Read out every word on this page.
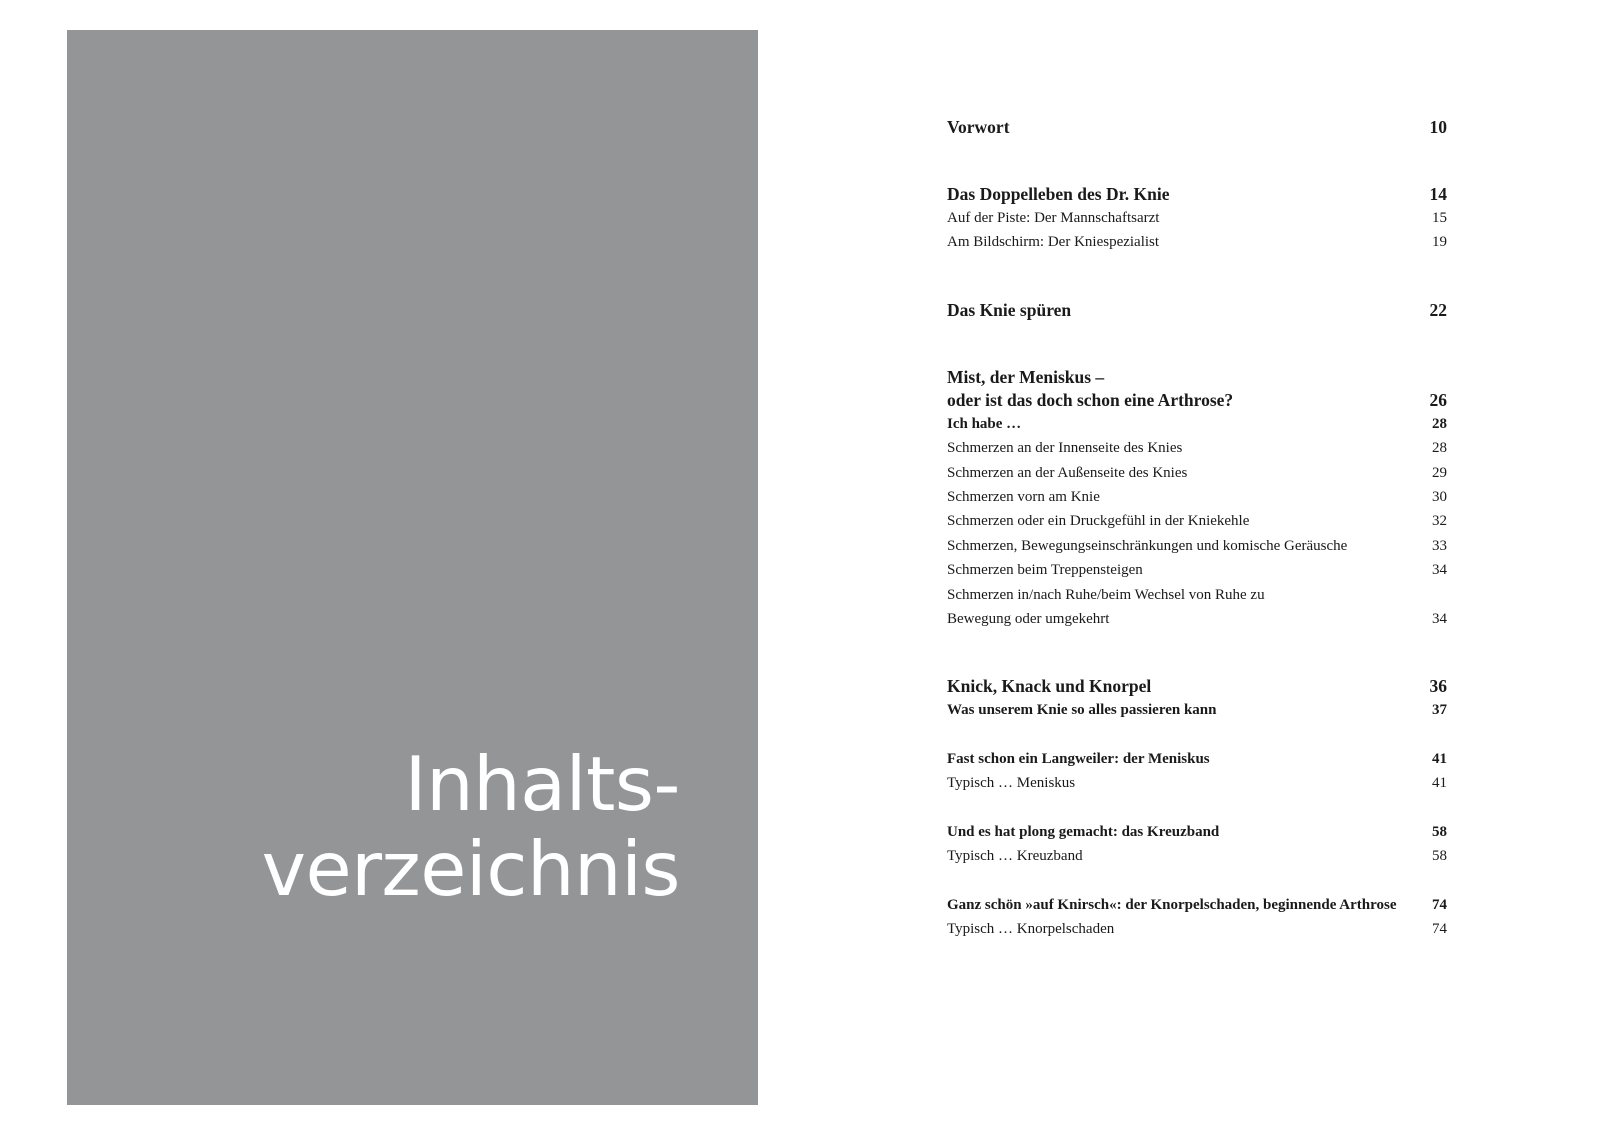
Inhalts-
verzeichnis
Vorwort	10
Das Doppelleben des Dr. Knie	14
Auf der Piste: Der Mannschaftsarzt	15
Am Bildschirm: Der Kniespezialist	19
Das Knie spüren	22
Mist, der Meniskus –
oder ist das doch schon eine Arthrose?	26
Ich habe …	28
Schmerzen an der Innenseite des Knies	28
Schmerzen an der Außenseite des Knies	29
Schmerzen vorn am Knie	30
Schmerzen oder ein Druckgefühl in der Kniekehle	32
Schmerzen, Bewegungseinschränkungen und komische Geräusche	33
Schmerzen beim Treppensteigen	34
Schmerzen in/nach Ruhe/beim Wechsel von Ruhe zu
Bewegung oder umgekehrt	34
Knick, Knack und Knorpel	36
Was unserem Knie so alles passieren kann	37
Fast schon ein Langweiler: der Meniskus	41
Typisch … Meniskus	41
Und es hat plong gemacht: das Kreuzband	58
Typisch … Kreuzband	58
Ganz schön »auf Knirsch«: der Knorpelschaden, beginnende Arthrose	74
Typisch … Knorpelschaden	74
